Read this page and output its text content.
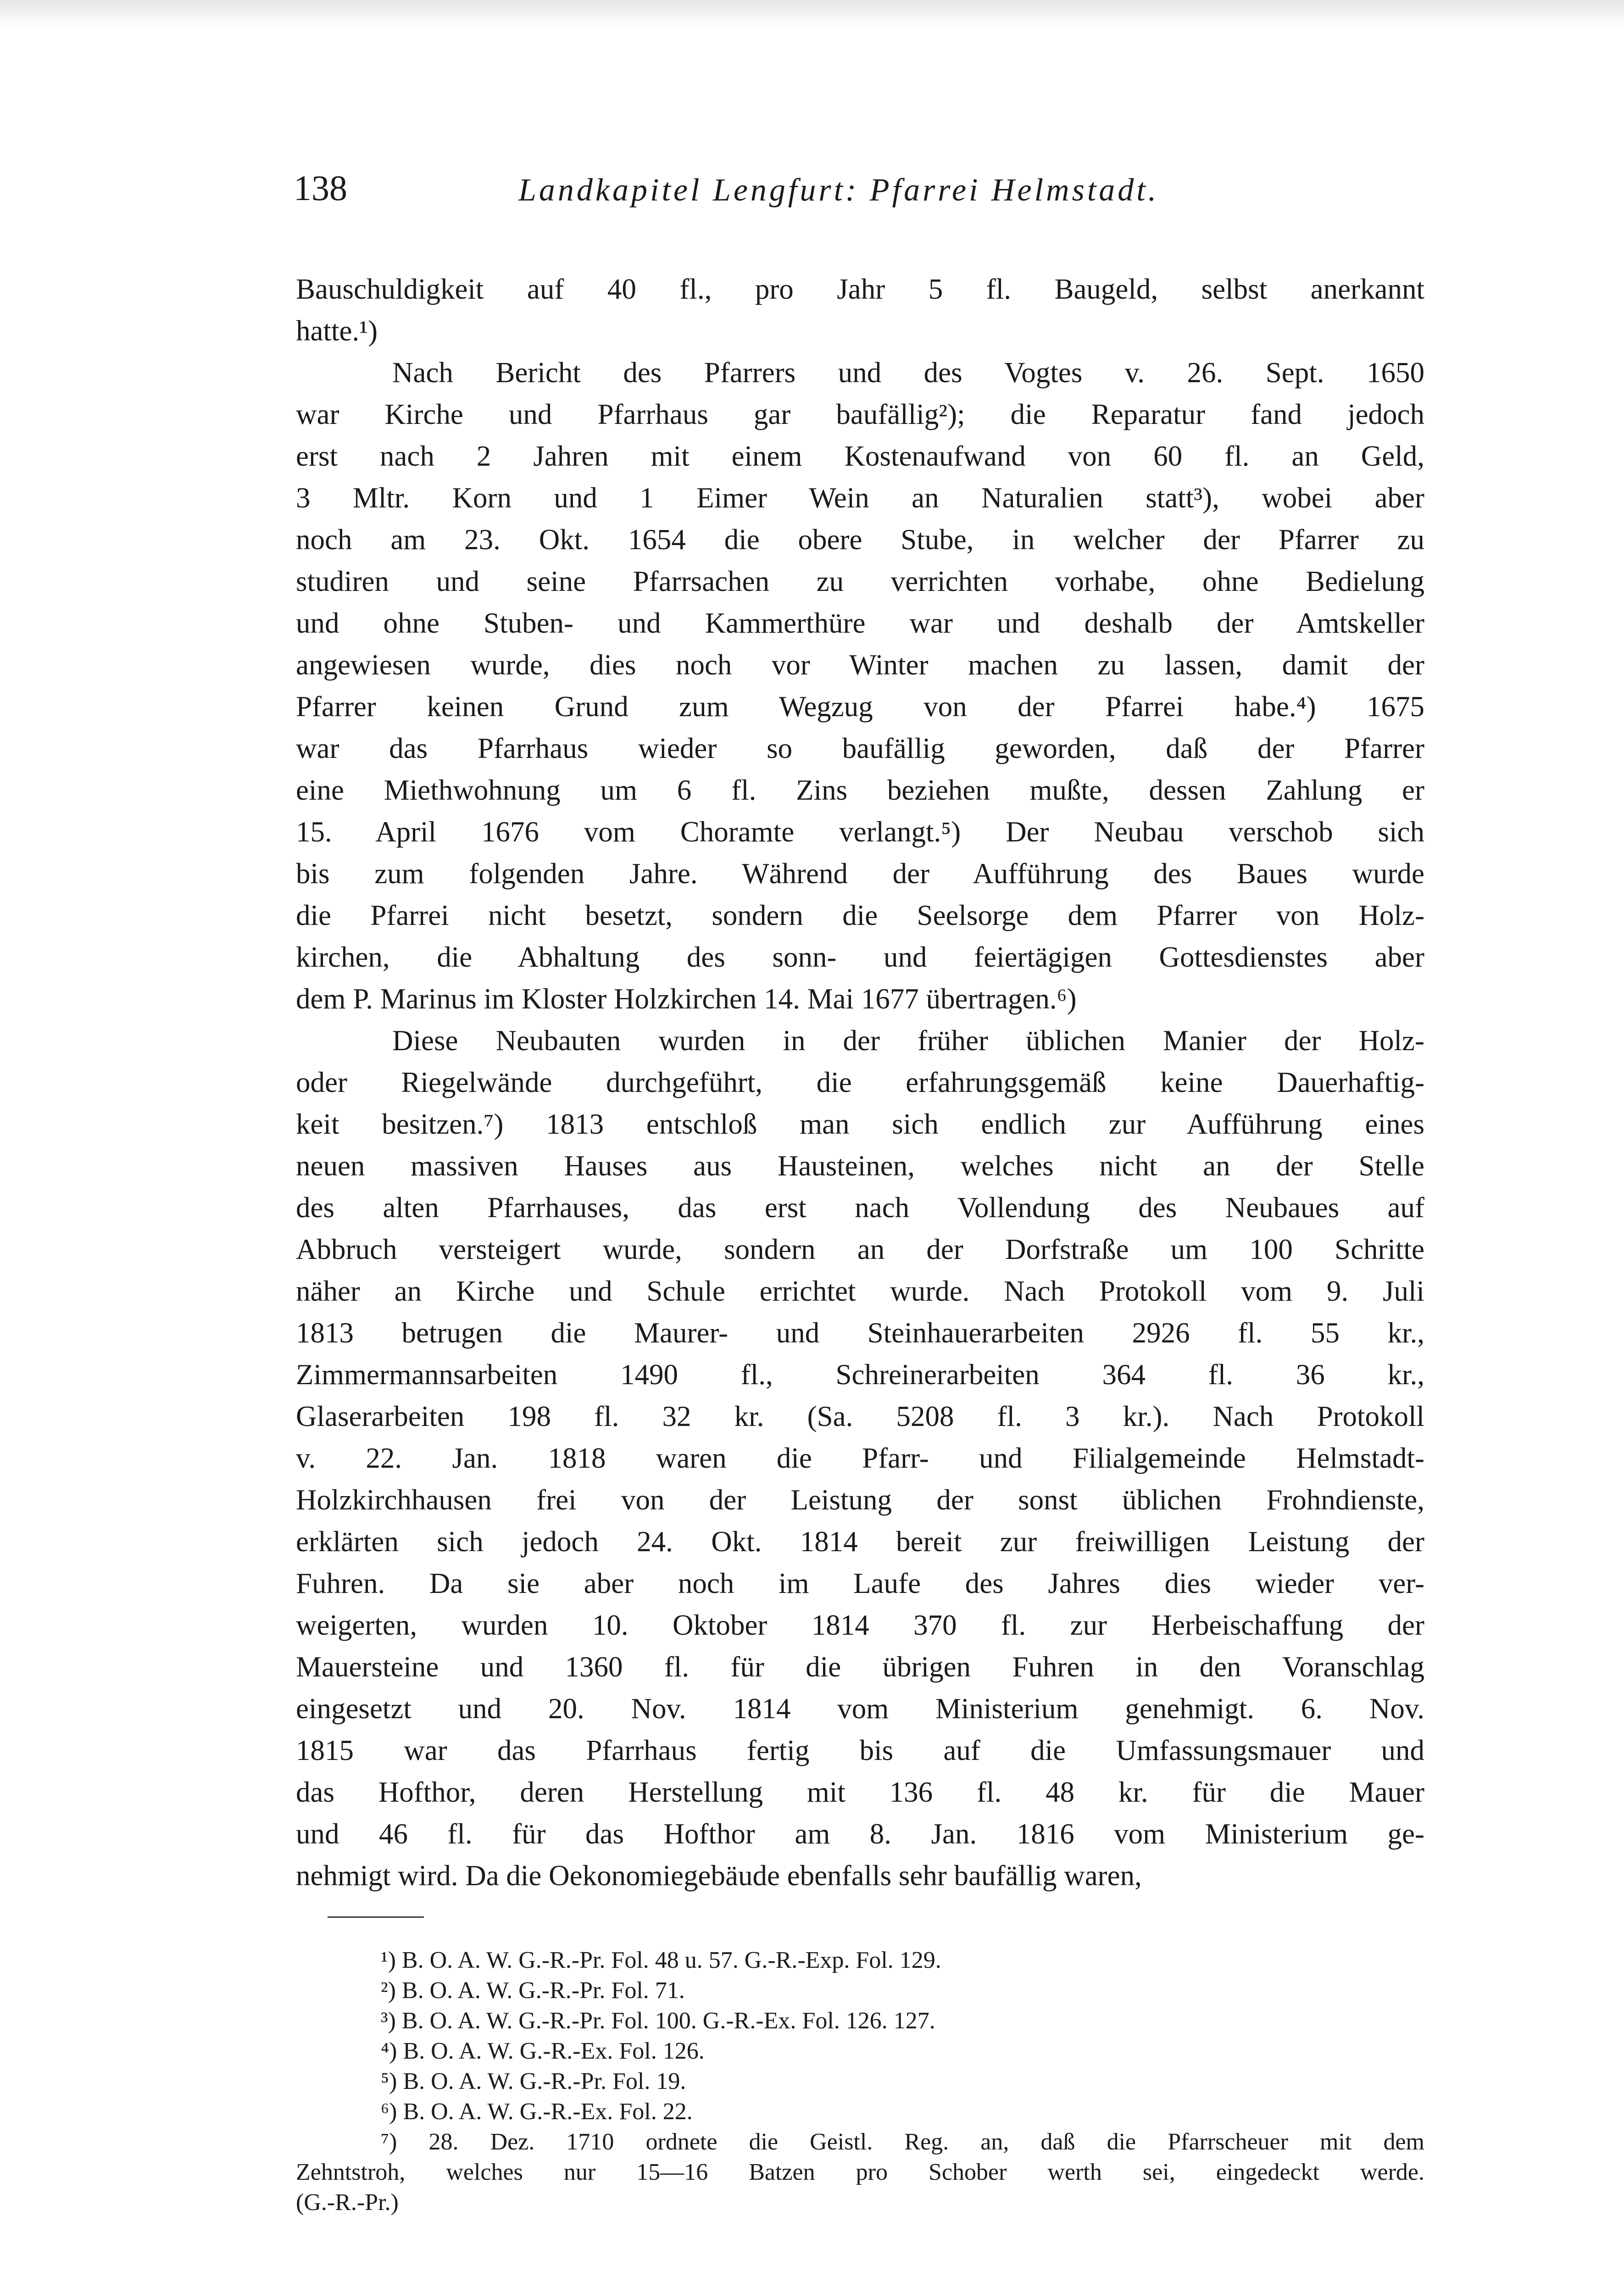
138	Landkapitel Lengfurt: Pfarrei Helmstadt.
Bauschuldigkeit auf 40 fl., pro Jahr 5 fl. Baugeld, selbst anerkannt
hatte.¹)
Nach Bericht des Pfarrers und des Vogtes v. 26. Sept. 1650
war Kirche und Pfarrhaus gar baufällig²); die Reparatur fand jedoch
erst nach 2 Jahren mit einem Kostenaufwand von 60 fl. an Geld,
3 Mltr. Korn und 1 Eimer Wein an Naturalien statt³), wobei aber
noch am 23. Okt. 1654 die obere Stube, in welcher der Pfarrer zu
studiren und seine Pfarrsachen zu verrichten vorhabe, ohne Bedielung
und ohne Stuben- und Kammerthüre war und deshalb der Amtskeller
angewiesen wurde, dies noch vor Winter machen zu lassen, damit der
Pfarrer keinen Grund zum Wegzug von der Pfarrei habe.⁴) 1675
war das Pfarrhaus wieder so baufällig geworden, daß der Pfarrer
eine Miethwohnung um 6 fl. Zins beziehen mußte, dessen Zahlung er
15. April 1676 vom Choramte verlangt.⁵) Der Neubau verschob sich
bis zum folgenden Jahre. Während der Aufführung des Baues wurde
die Pfarrei nicht besetzt, sondern die Seelsorge dem Pfarrer von Holz-
kirchen, die Abhaltung des sonn- und feiertägigen Gottesdienstes aber
dem P. Marinus im Kloster Holzkirchen 14. Mai 1677 übertragen.⁶)
Diese Neubauten wurden in der früher üblichen Manier der Holz-
oder Riegelwände durchgeführt, die erfahrungsgemäß keine Dauerhaftig-
keit besitzen.⁷) 1813 entschloß man sich endlich zur Aufführung eines
neuen massiven Hauses aus Hausteinen, welches nicht an der Stelle
des alten Pfarrhauses, das erst nach Vollendung des Neubaues auf
Abbruch versteigert wurde, sondern an der Dorfstraße um 100 Schritte
näher an Kirche und Schule errichtet wurde. Nach Protokoll vom 9. Juli
1813 betrugen die Maurer- und Steinhauerarbeiten 2926 fl. 55 kr.,
Zimmermannsarbeiten 1490 fl., Schreinerarbeiten 364 fl. 36 kr.,
Glaserarbeiten 198 fl. 32 kr. (Sa. 5208 fl. 3 kr.). Nach Protokoll
v. 22. Jan. 1818 waren die Pfarr- und Filialgemeinde Helmstadt-
Holzkirchhausen frei von der Leistung der sonst üblichen Frohndienste,
erklärten sich jedoch 24. Okt. 1814 bereit zur freiwilligen Leistung der
Fuhren. Da sie aber noch im Laufe des Jahres dies wieder ver-
weigerten, wurden 10. Oktober 1814 370 fl. zur Herbeischaffung der
Mauersteine und 1360 fl. für die übrigen Fuhren in den Voranschlag
eingesetzt und 20. Nov. 1814 vom Ministerium genehmigt. 6. Nov.
1815 war das Pfarrhaus fertig bis auf die Umfassungsmauer und
das Hofthor, deren Herstellung mit 136 fl. 48 kr. für die Mauer
und 46 fl. für das Hofthor am 8. Jan. 1816 vom Ministerium ge-
nehmigt wird. Da die Oekonomiegebäude ebenfalls sehr baufällig waren,
¹) B. O. A. W. G.-R.-Pr. Fol. 48 u. 57. G.-R.-Exp. Fol. 129.
²) B. O. A. W. G.-R.-Pr. Fol. 71.
³) B. O. A. W. G.-R.-Pr. Fol. 100. G.-R.-Ex. Fol. 126. 127.
⁴) B. O. A. W. G.-R.-Ex. Fol. 126.
⁵) B. O. A. W. G.-R.-Pr. Fol. 19.
⁶) B. O. A. W. G.-R.-Ex. Fol. 22.
⁷) 28. Dez. 1710 ordnete die Geistl. Reg. an, daß die Pfarrscheuer mit dem
Zehntstroh, welches nur 15—16 Batzen pro Schober werth sei, eingedeckt werde.
(G.-R.-Pr.)
